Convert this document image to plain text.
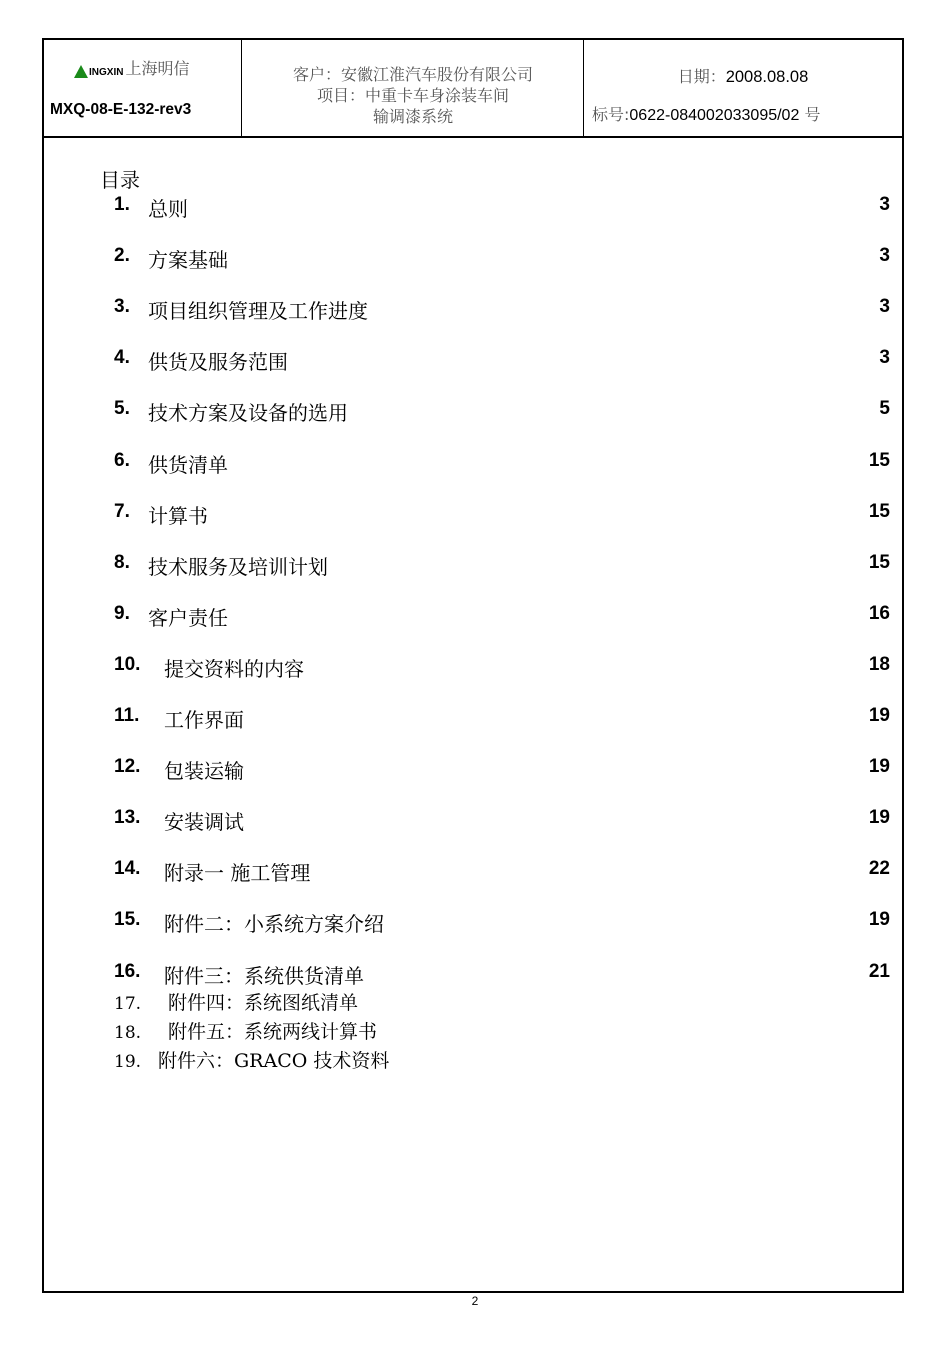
INGXIN 上海明信
MXQ-08-E-132-rev3
客户：安徽江淮汽车股份有限公司
项目：中重卡车身涂装车间
输调漆系统
日期：2008.08.08
标号:0622-084002033095/02 号
目录
1. 总则	3
2. 方案基础	3
3. 项目组织管理及工作进度	3
4. 供货及服务范围	3
5. 技术方案及设备的选用	5
6. 供货清单	15
7. 计算书	15
8. 技术服务及培训计划	15
9. 客户责任	16
10. 提交资料的内容	18
11. 工作界面	19
12. 包装运输	19
13. 安装调试	19
14. 附录一 施工管理	22
15. 附件二：小系统方案介绍	19
16. 附件三：系统供货清单	21
17. 附件四：系统图纸清单
18. 附件五：系统两线计算书
19. 附件六：GRACO 技术资料
2
